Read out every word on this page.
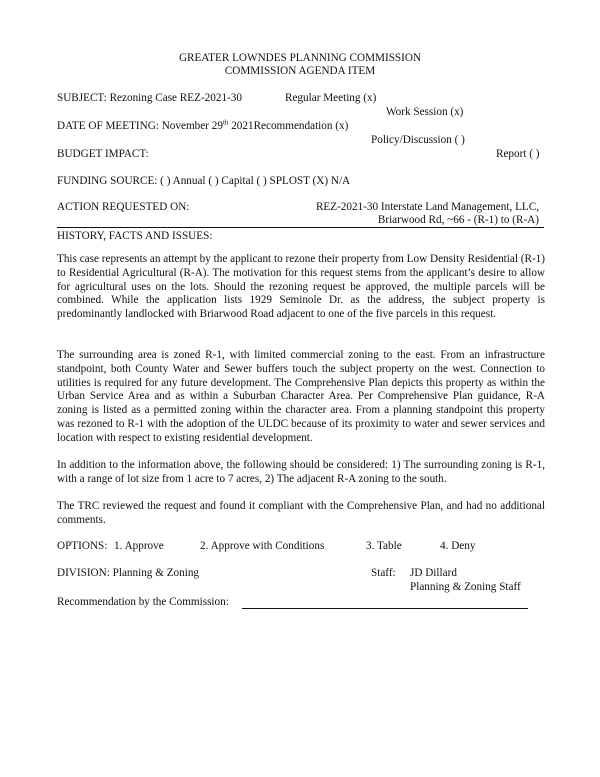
GREATER LOWNDES PLANNING COMMISSION
COMMISSION AGENDA ITEM
SUBJECT: Rezoning Case REZ-2021-30	Regular Meeting (x)
Work Session (x)
DATE OF MEETING: November 29th 2021Recommendation (x)
Policy/Discussion ( )
BUDGET IMPACT:	Report ( )
FUNDING SOURCE: ( ) Annual ( ) Capital ( ) SPLOST (X) N/A
ACTION REQUESTED ON:	REZ-2021-30 Interstate Land Management, LLC,
Briarwood Rd, ~66 - (R-1) to (R-A)
HISTORY, FACTS AND ISSUES:
This case represents an attempt by the applicant to rezone their property from Low Density Residential (R-1) to Residential Agricultural (R-A). The motivation for this request stems from the applicant’s desire to allow for agricultural uses on the lots. Should the rezoning request be approved, the multiple parcels will be combined. While the application lists 1929 Seminole Dr. as the address, the subject property is predominantly landlocked with Briarwood Road adjacent to one of the five parcels in this request.
The surrounding area is zoned R-1, with limited commercial zoning to the east. From an infrastructure standpoint, both County Water and Sewer buffers touch the subject property on the west. Connection to utilities is required for any future development. The Comprehensive Plan depicts this property as within the Urban Service Area and as within a Suburban Character Area. Per Comprehensive Plan guidance, R-A zoning is listed as a permitted zoning within the character area. From a planning standpoint this property was rezoned to R-1 with the adoption of the ULDC because of its proximity to water and sewer services and location with respect to existing residential development.
In addition to the information above, the following should be considered: 1) The surrounding zoning is R-1, with a range of lot size from 1 acre to 7 acres, 2) The adjacent R-A zoning to the south.
The TRC reviewed the request and found it compliant with the Comprehensive Plan, and had no additional comments.
OPTIONS: 1. Approve	2. Approve with Conditions	3. Table	4. Deny
DIVISION: Planning & Zoning	Staff: JD Dillard
Planning & Zoning Staff
Recommendation by the Commission:
